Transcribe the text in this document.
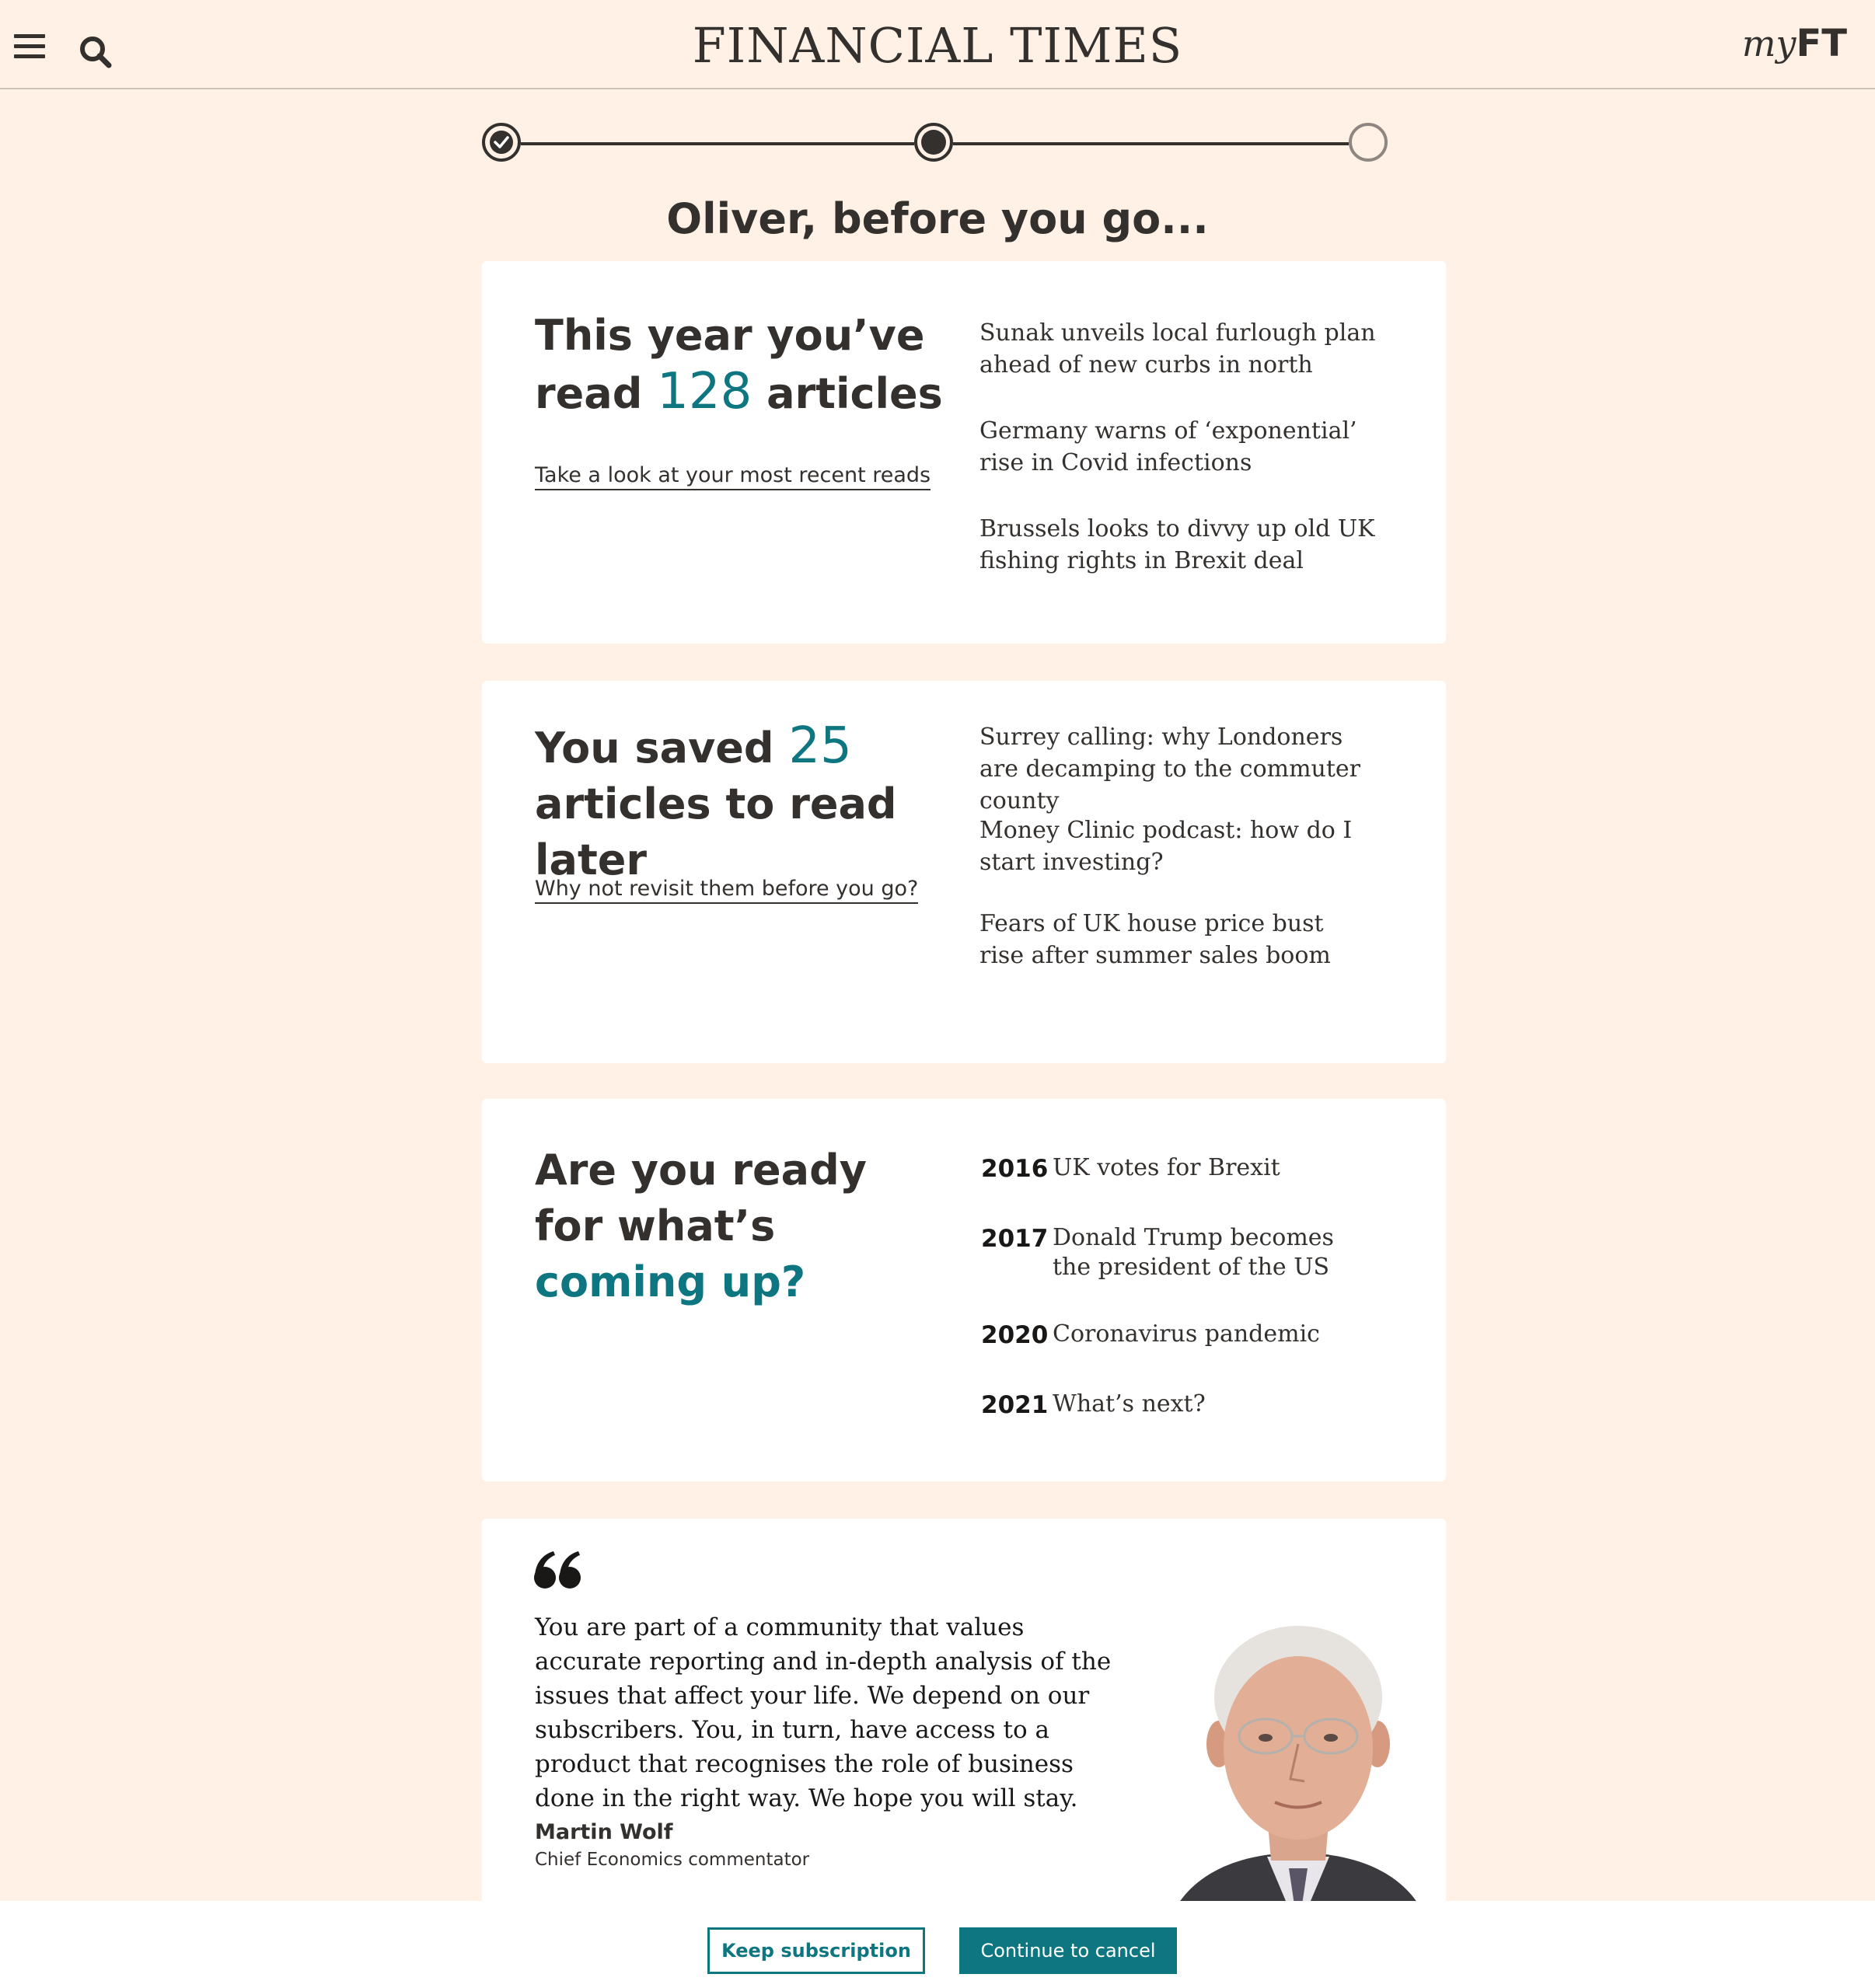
FINANCIAL TIMES	myFT
Oliver, before you go...
This year you’ve read 128 articles
Take a look at your most recent reads
Sunak unveils local furlough plan ahead of new curbs in north
Germany warns of ‘exponential’ rise in Covid infections
Brussels looks to divvy up old UK fishing rights in Brexit deal
You saved 25 articles to read later
Why not revisit them before you go?
Surrey calling: why Londoners are decamping to the commuter county
Money Clinic podcast: how do I start investing?
Fears of UK house price bust rise after summer sales boom
Are you ready for what’s coming up?
2016 UK votes for Brexit
2017 Donald Trump becomes the president of the US
2020 Coronavirus pandemic
2021 What’s next?

You are part of a community that values accurate reporting and in-depth analysis of the issues that affect your life. We depend on our subscribers. You, in turn, have access to a product that recognises the role of business done in the right way. We hope you will stay.

Martin Wolf
Chief Economics commentator
Keep subscription	Continue to cancel
